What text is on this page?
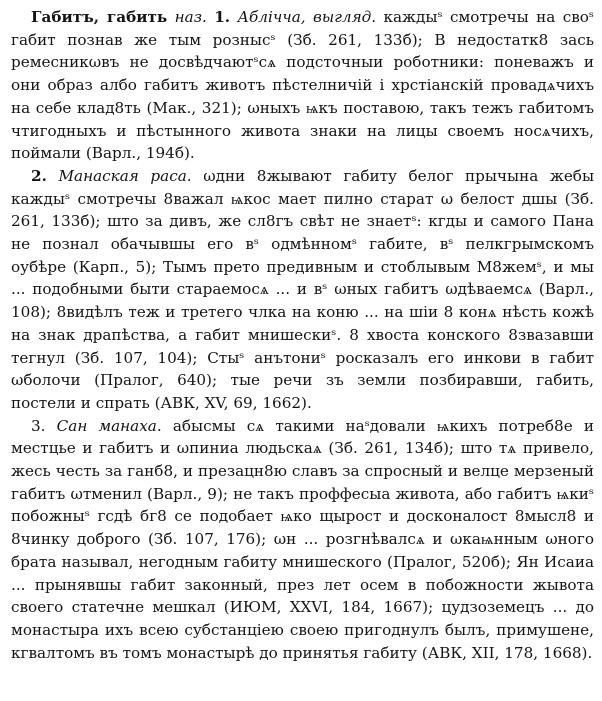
Габитъ, габить наз. 1. Аблічча, выгляд. каждыˢ смотречы на своˢ габит познав же тым рознысˢ (Зб. 261, 133б); В недостатк8 зась ремесникωвъ не досвѣдчаютˢсѧ подсточныи роботники: поневажъ и они образ албо габитъ животъ пѣстелничій і хрстіанскій провадѧчихъ на себе клад8ть (Мак., 321); ωныхъ ѩкъ поставою, такъ тежъ габитомъ чтигодныхъ и пѣстынного живота знаки на лицы своемъ носѧчихъ, поймали (Варл., 194б).

2. Манаская раса. ωдни 8жывают габиту белог прычына жебы каждыˢ смотречы 8важал ѩкос мает пилно старат ω белост дшы (Зб. 261, 133б); што за дивъ, же сл8гъ свѣт не знаетˢ: кгды и самого Пана не познал обачывшы его вˢ одмѣнномˢ габите, вˢ пелкгрымскомъ оубѣре (Карп., 5); Тымъ прето предивным и стоблывым М8жемˢ, и мы ... подобными быти стараемосѧ ... и вˢ ωных габитъ ωдѣваемсѧ (Варл., 108); 8видѣлъ теж и третего члка на коню ... на шіи 8 конѧ нѣсть кожѣ на знак драпѣства, а габит мнишескиˢ. 8 хвоста конского 8звазавши тегнул (Зб. 107, 104); Стыˢ анътониˢ росказалъ его инкови в габит ωболочи (Пралог, 640); тые речи зъ земли позбиравши, габить, постели и спрать (АВК, XV, 69, 1662).

3. Сан манаха. абысмы сѧ такими наˢдовали ѩкихъ потреб8е и местцье и габитъ и ωпиниа людьскаѧ (Зб. 261, 134б); што тѧ привело, жесь честь за ганб8, и презацн8ю славъ за спросный и велце мерзеный габитъ ωтменил (Варл., 9); не такъ проффесыа живота, або габитъ ѩкиˢ побожныˢ гсдѣ бг8 се подобает ѩко щырост и досконалост 8мысл8 и 8чинку доброго (Зб. 107, 176); ωн ... розгнѣвалсѧ и ωкаѩнным ωного брата называл, негодным габиту мнишеского (Пралог, 520б); Ян Исаиа ... прынявшы габит законный, през лет осем в побожности жывота своего статечне мешкал (ИЮМ, XXVI, 184, 1667); цудзоземецъ ... до монастыра ихъ всею субстанціею своею пригоднулъ былъ, примушене, кгвалтомъ въ томъ монастырѣ до принятья габиту (АВК, XII, 178, 1668).
